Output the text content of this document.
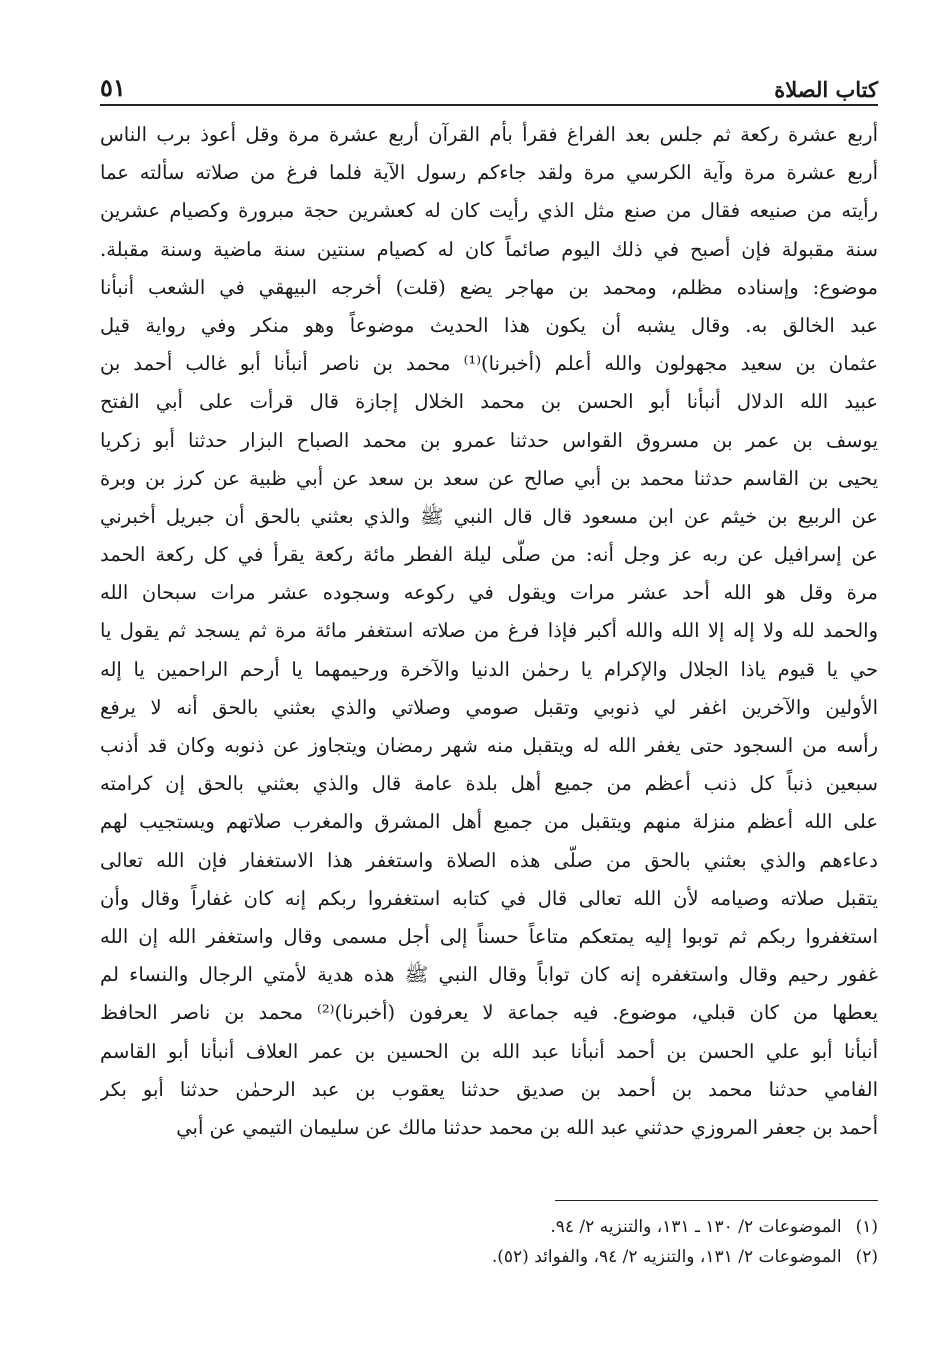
كتاب الصلاة
٥١
أربع عشرة ركعة ثم جلس بعد الفراغ فقرأ بأم القرآن أربع عشرة مرة وقل أعوذ برب الناس
أربع عشرة مرة وآية الكرسي مرة ولقد جاءكم رسول الآية فلما فرغ من صلاته سألته عما
رأيته من صنيعه فقال من صنع مثل الذي رأيت كان له كعشرين حجة مبرورة وكصيام عشرين
سنة مقبولة فإن أصبح في ذلك اليوم صائماً كان له كصيام سنتين سنة ماضية وسنة مقبلة.
موضوع: وإسناده مظلم، ومحمد بن مهاجر يضع (قلت) أخرجه البيهقي في الشعب أنبأنا
عبد الخالق به. وقال يشبه أن يكون هذا الحديث موضوعاً وهو منكر وفي رواية قيل
عثمان بن سعيد مجهولون والله أعلم (أخبرنا)⁽¹⁾ محمد بن ناصر أنبأنا أبو غالب أحمد بن
عبيد الله الدلال أنبأنا أبو الحسن بن محمد الخلال إجازة قال قرأت على أبي الفتح
يوسف بن عمر بن مسروق القواس حدثنا عمرو بن محمد الصباح البزار حدثنا أبو زكريا
يحيى بن القاسم حدثنا محمد بن أبي صالح عن سعد بن سعد عن أبي ظبية عن كرز بن وبرة
عن الربيع بن خيثم عن ابن مسعود قال قال النبي ﷺ والذي بعثني بالحق أن جبريل أخبرني
عن إسرافيل عن ربه عز وجل أنه: من صلّى ليلة الفطر مائة ركعة يقرأ في كل ركعة الحمد
مرة وقل هو الله أحد عشر مرات ويقول في ركوعه وسجوده عشر مرات سبحان الله
والحمد لله ولا إله إلا الله والله أكبر فإذا فرغ من صلاته استغفر مائة مرة ثم يسجد ثم يقول يا
حي يا قيوم ياذا الجلال والإكرام يا رحمٰن الدنيا والآخرة ورحيمهما يا أرحم الراحمين يا إله
الأولين والآخرين اغفر لي ذنوبي وتقبل صومي وصلاتي والذي بعثني بالحق أنه لا يرفع
رأسه من السجود حتى يغفر الله له ويتقبل منه شهر رمضان ويتجاوز عن ذنوبه وكان قد أذنب
سبعين ذنباً كل ذنب أعظم من جميع أهل بلدة عامة قال والذي بعثني بالحق إن كرامته
على الله أعظم منزلة منهم ويتقبل من جميع أهل المشرق والمغرب صلاتهم ويستجيب لهم
دعاءهم والذي بعثني بالحق من صلّى هذه الصلاة واستغفر هذا الاستغفار فإن الله تعالى
يتقبل صلاته وصيامه لأن الله تعالى قال في كتابه استغفروا ربكم إنه كان غفاراً وقال وأن
استغفروا ربكم ثم توبوا إليه يمتعكم متاعاً حسناً إلى أجل مسمى وقال واستغفر الله إن الله
غفور رحيم وقال واستغفره إنه كان تواباً وقال النبي ﷺ هذه هدية لأمتي الرجال والنساء لم
يعطها من كان قبلي، موضوع. فيه جماعة لا يعرفون (أخبرنا)⁽²⁾ محمد بن ناصر الحافظ
أنبأنا أبو علي الحسن بن أحمد أنبأنا عبد الله بن الحسين بن عمر العلاف أنبأنا أبو القاسم
الفامي حدثنا محمد بن أحمد بن صديق حدثنا يعقوب بن عبد الرحمٰن حدثنا أبو بكر
أحمد بن جعفر المروزي حدثني عبد الله بن محمد حدثنا مالك عن سليمان التيمي عن أبي
(١)الموضوعات ٢/ ١٣٠ ـ ١٣١، والتنزيه ٢/ ٩٤.
(٢)الموضوعات ٢/ ١٣١، والتنزيه ٢/ ٩٤، والفوائد (٥٢).
